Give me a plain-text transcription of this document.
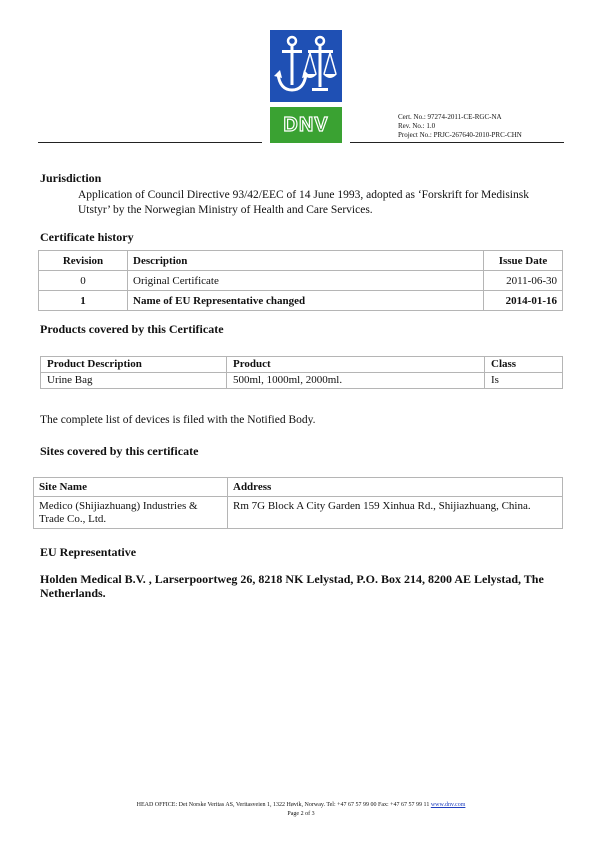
DNV	Cert. No.: 97274-2011-CE-RGC-NA
Rev. No.: 1.0
Project No.: PRJC-267640-2010-PRC-CHN
Jurisdiction
Application of Council Directive 93/42/EEC of 14 June 1993, adopted as ‘Forskrift for Medisinsk
Utstyr’ by the Norwegian Ministry of Health and Care Services.
Certificate history
Revision	Description	Issue Date
0	Original Certificate	2011-06-30
1	Name of EU Representative changed	2014-01-16
Products covered by this Certificate
Product Description	Product	Class
Urine Bag	500ml, 1000ml, 2000ml.	Is
The complete list of devices is filed with the Notified Body.
Sites covered by this certificate
Site Name	Address

Medico (Shijiazhuang) Industries &
Trade Co., Ltd.	Rm 7G Block A City Garden 159 Xinhua Rd., Shijiazhuang, China.
EU Representative
Holden Medical B.V. , Larserpoortweg 26, 8218 NK Lelystad, P.O. Box 214, 8200 AE Lelystad, The
Netherlands.
HEAD OFFICE: Det Norske Veritas AS, Veritasveien 1, 1322 Høvik, Norway. Tel: +47 67 57 99 00 Fax: +47 67 57 99 11 www.dnv.com
Page 2 of 3
